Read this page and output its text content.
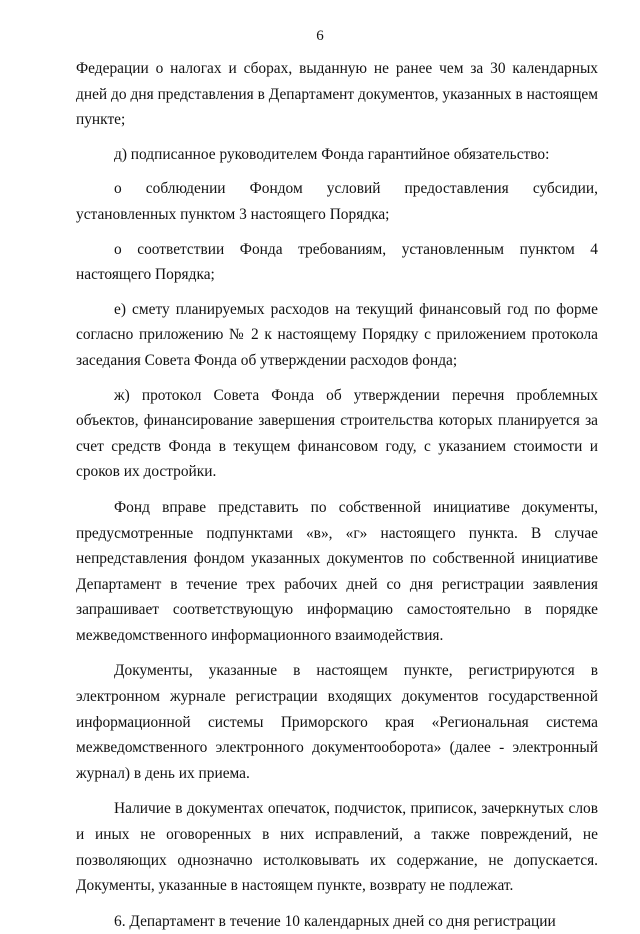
6

Федерации о налогах и сборах, выданную не ранее чем за 30 календарных дней до дня представления в Департамент документов, указанных в настоящем пункте;

д) подписанное руководителем Фонда гарантийное обязательство:

о соблюдении Фондом условий предоставления субсидии, установленных пунктом 3 настоящего Порядка;

о соответствии Фонда требованиям, установленным пунктом 4 настоящего Порядка;

е) смету планируемых расходов на текущий финансовый год по форме согласно приложению № 2 к настоящему Порядку с приложением протокола заседания Совета Фонда об утверждении расходов фонда;

ж) протокол Совета Фонда об утверждении перечня проблемных объектов, финансирование завершения строительства которых планируется за счет средств Фонда в текущем финансовом году, с указанием стоимости и сроков их достройки.

Фонд вправе представить по собственной инициативе документы, предусмотренные подпунктами «в», «г» настоящего пункта. В случае непредставления фондом указанных документов по собственной инициативе Департамент в течение трех рабочих дней со дня регистрации заявления запрашивает соответствующую информацию самостоятельно в порядке межведомственного информационного взаимодействия.

Документы, указанные в настоящем пункте, регистрируются в электронном журнале регистрации входящих документов государственной информационной системы Приморского края «Региональная система межведомственного электронного документооборота» (далее - электронный журнал) в день их приема.

Наличие в документах опечаток, подчисток, приписок, зачеркнутых слов и иных не оговоренных в них исправлений, а также повреждений, не позволяющих однозначно истолковывать их содержание, не допускается. Документы, указанные в настоящем пункте, возврату не подлежат.

6. Департамент в течение 10 календарных дней со дня регистрации
